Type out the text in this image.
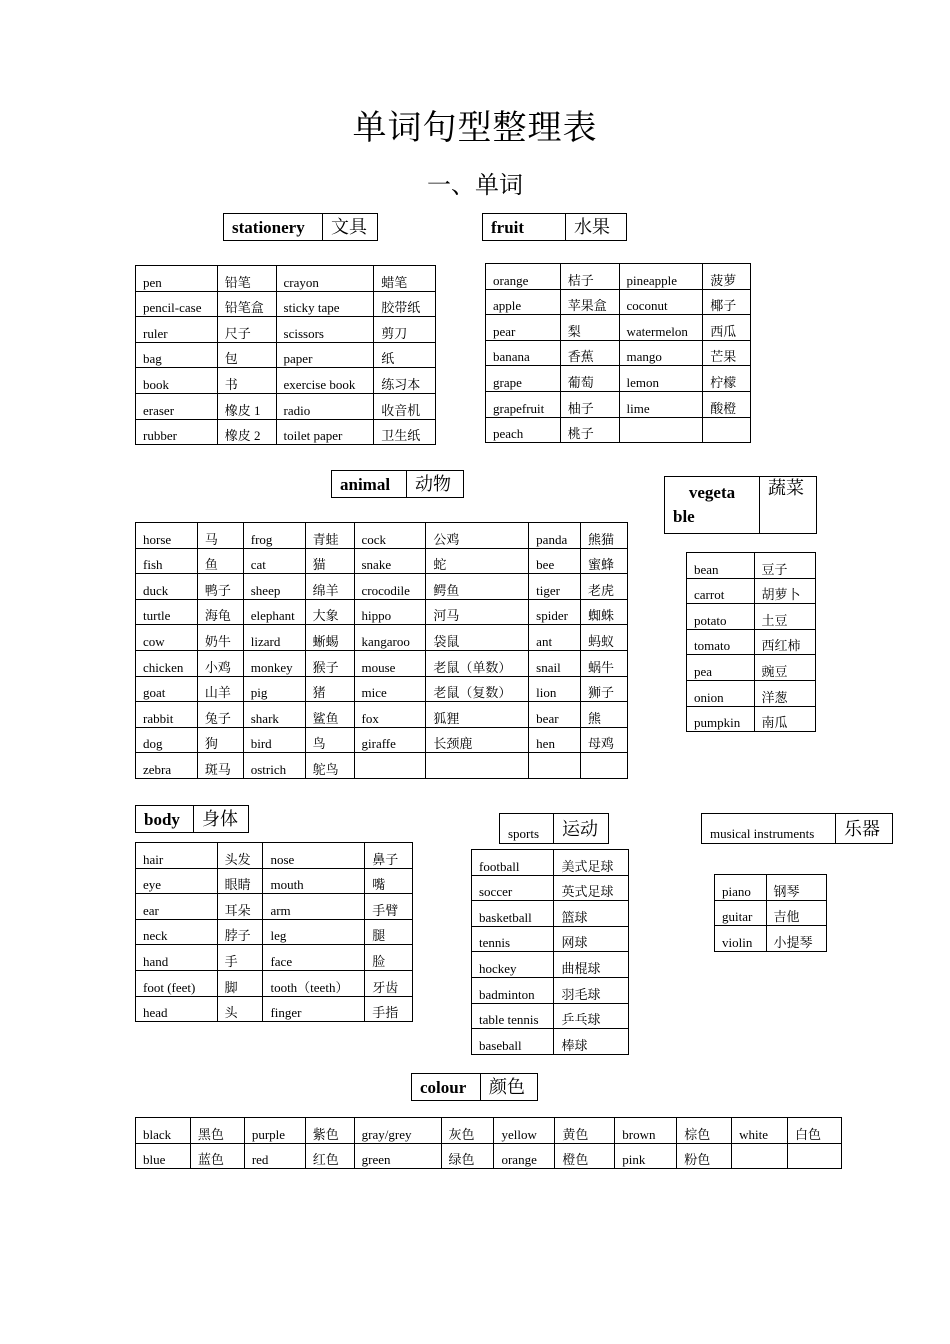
单词句型整理表
一、单词
stationery	文具
pen	铅笔	crayon	蜡笔
pencil-case	铅笔盒	sticky tape	胶带纸
ruler	尺子	scissors	剪刀
bag	包	paper	纸
book	书	exercise book	练习本
eraser	橡皮 1	radio	收音机
rubber	橡皮 2	toilet paper	卫生纸
fruit	水果
orange	桔子	pineapple	菠萝
apple	苹果盒	coconut	椰子
pear	梨	watermelon	西瓜
banana	香蕉	mango	芒果
grape	葡萄	lemon	柠檬
grapefruit	柚子	lime	酸橙
peach	桃子		
animal	动物
horse	马	frog	青蛙	cock	公鸡	panda	熊猫
fish	鱼	cat	猫	snake	蛇	bee	蜜蜂
duck	鸭子	sheep	绵羊	crocodile	鳄鱼	tiger	老虎
turtle	海龟	elephant	大象	hippo	河马	spider	蜘蛛
cow	奶牛	lizard	蜥蜴	kangaroo	袋鼠	ant	蚂蚁
chicken	小鸡	monkey	猴子	mouse	老鼠（单数）	snail	蜗牛
goat	山羊	pig	猪	mice	老鼠（复数）	lion	狮子
rabbit	兔子	shark	鲨鱼	fox	狐狸	bear	熊
dog	狗	bird	鸟	giraffe	长颈鹿	hen	母鸡
zebra	斑马	ostrich	鸵鸟				
vegeta
ble
	蔬菜
bean	豆子
carrot	胡萝卜
potato	土豆
tomato	西红柿
pea	豌豆
onion	洋葱
pumpkin	南瓜
body	身体
hair	头发	nose	鼻子
eye	眼睛	mouth	嘴
ear	耳朵	arm	手臂
neck	脖子	leg	腿
hand	手	face	脸
foot (feet)	脚	tooth（teeth）	牙齿
head	头	finger	手指
sports	运动
football	美式足球
soccer	英式足球
basketball	篮球
tennis	网球
hockey	曲棍球
badminton	羽毛球
table tennis	乒乓球
baseball	棒球
musical instruments	乐器
piano	钢琴
guitar	吉他
violin	小提琴
colour	颜色
black	黑色	purple	紫色	gray/grey	灰色	yellow	黄色	brown	棕色	white	白色
blue	蓝色	red	红色	green	绿色	orange	橙色	pink	粉色		
